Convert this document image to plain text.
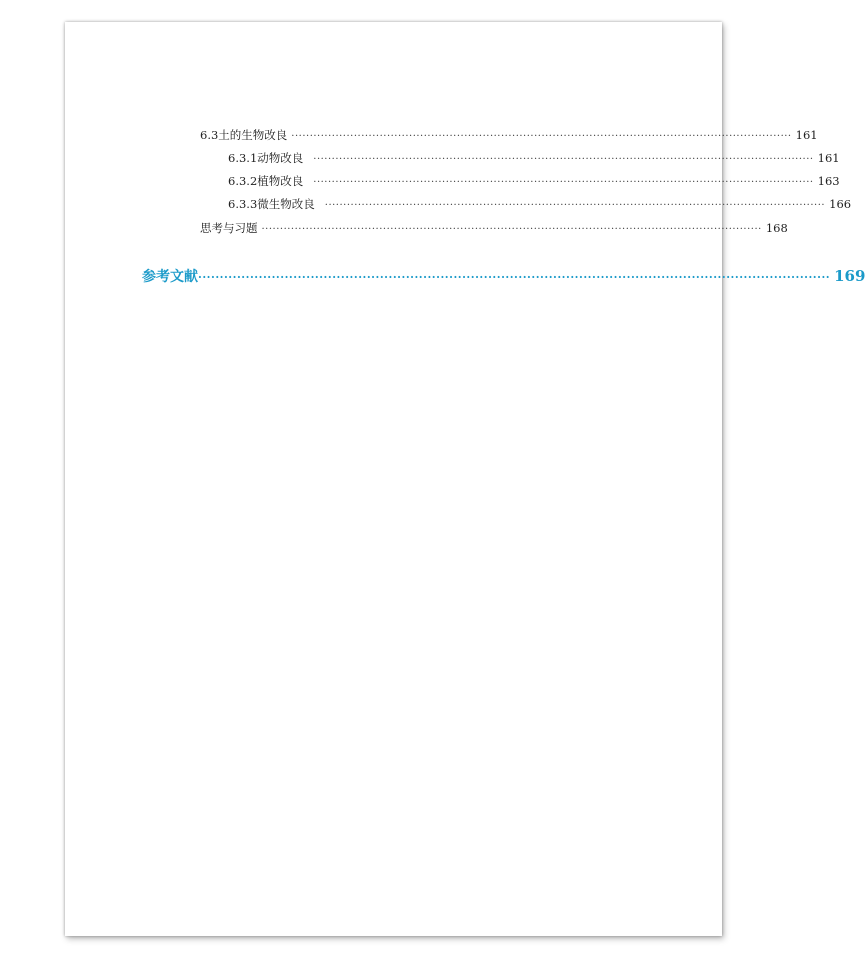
6.3 土的生物改良 ········································································································································ 161
6.3.1 动物改良 ········································································································································ 161
6.3.2 植物改良 ········································································································································ 163
6.3.3 微生物改良 ········································································································································ 166
思考与习题 ········································································································································ 168
参考文献 ·················································································································································· 169
